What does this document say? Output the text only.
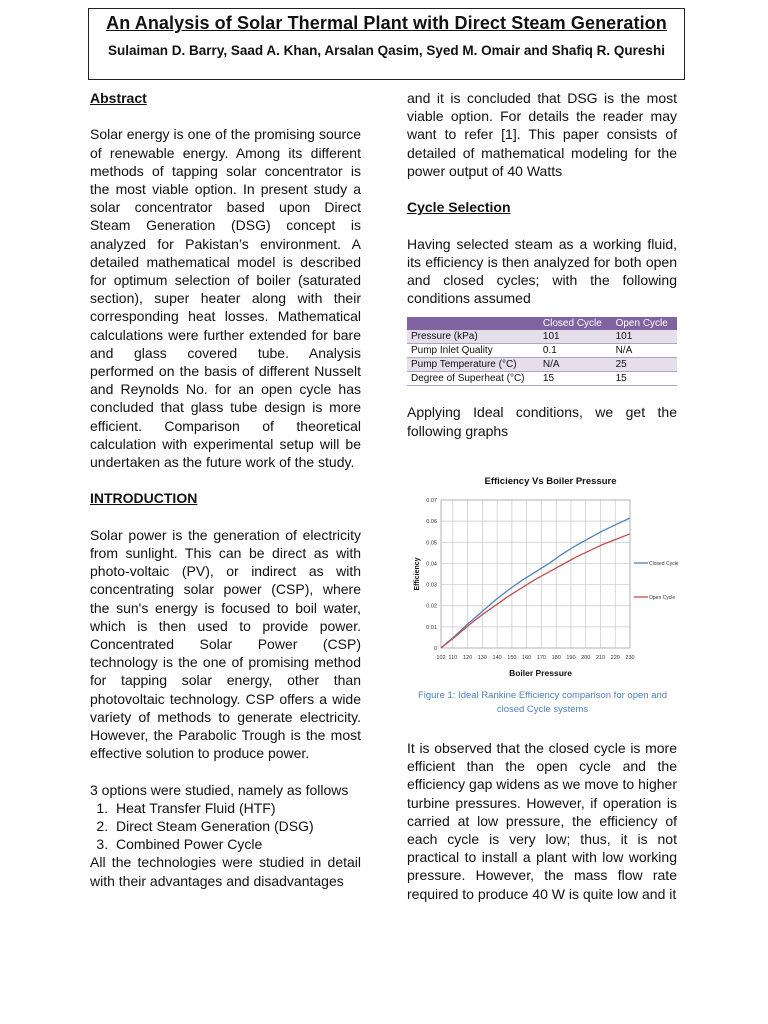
An Analysis of Solar Thermal Plant with Direct Steam Generation

Sulaiman D. Barry, Saad A. Khan, Arsalan Qasim, Syed M. Omair and Shafiq R. Qureshi

Abstract

Solar energy is one of the promising source of renewable energy. Among its different methods of tapping solar concentrator is the most viable option. In present study a solar concentrator based upon Direct Steam Generation (DSG) concept is analyzed for Pakistan’s environment. A detailed mathematical model is described for optimum selection of boiler (saturated section), super heater along with their corresponding heat losses. Mathematical calculations were further extended for bare and glass covered tube. Analysis performed on the basis of different Nusselt and Reynolds No. for an open cycle has concluded that glass tube design is more efficient. Comparison of theoretical calculation with experimental setup will be undertaken as the future work of the study.

INTRODUCTION

Solar power is the generation of electricity from sunlight. This can be direct as with photo-voltaic (PV), or indirect as with concentrating solar power (CSP), where the sun's energy is focused to boil water, which is then used to provide power. Concentrated Solar Power (CSP) technology is the one of promising method for tapping solar energy, other than photovoltaic technology. CSP offers a wide variety of methods to generate electricity. However, the Parabolic Trough is the most effective solution to produce power.

3 options were studied, namely as follows

1. Heat Transfer Fluid (HTF)
2. Direct Steam Generation (DSG)
3. Combined Power Cycle

All the technologies were studied in detail with their advantages and disadvantages

and it is concluded that DSG is the most viable option. For details the reader may want to refer [1]. This paper consists of detailed of mathematical modeling for the power output of 40 Watts

Cycle Selection

Having selected steam as a working fluid, its efficiency is then analyzed for both open and closed cycles; with the following conditions assumed

	Closed Cycle	Open Cycle
Pressure (kPa)	101	101
Pump Inlet Quality	0.1	N/A
Pump Temperature (°C)	N/A	25
Degree of Superheat (°C)	15	15

Applying Ideal conditions, we get the following graphs

Efficiency Vs Boiler Pressure
102 110 120 130 140 150 160 170 180 190 200 210 220 230
0
0.01
0.02
0.03
0.04
0.05
0.06
0.07
Closed Cycle
Open Cycle
Boiler Pressure
Efficiency
Figure 1: Ideal Rankine Efficiency comparison for open and closed Cycle systems

It is observed that the closed cycle is more efficient than the open cycle and the efficiency gap widens as we move to higher turbine pressures. However, if operation is carried at low pressure, the efficiency of each cycle is very low; thus, it is not practical to install a plant with low working pressure. However, the mass flow rate required to produce 40 W is quite low and it
